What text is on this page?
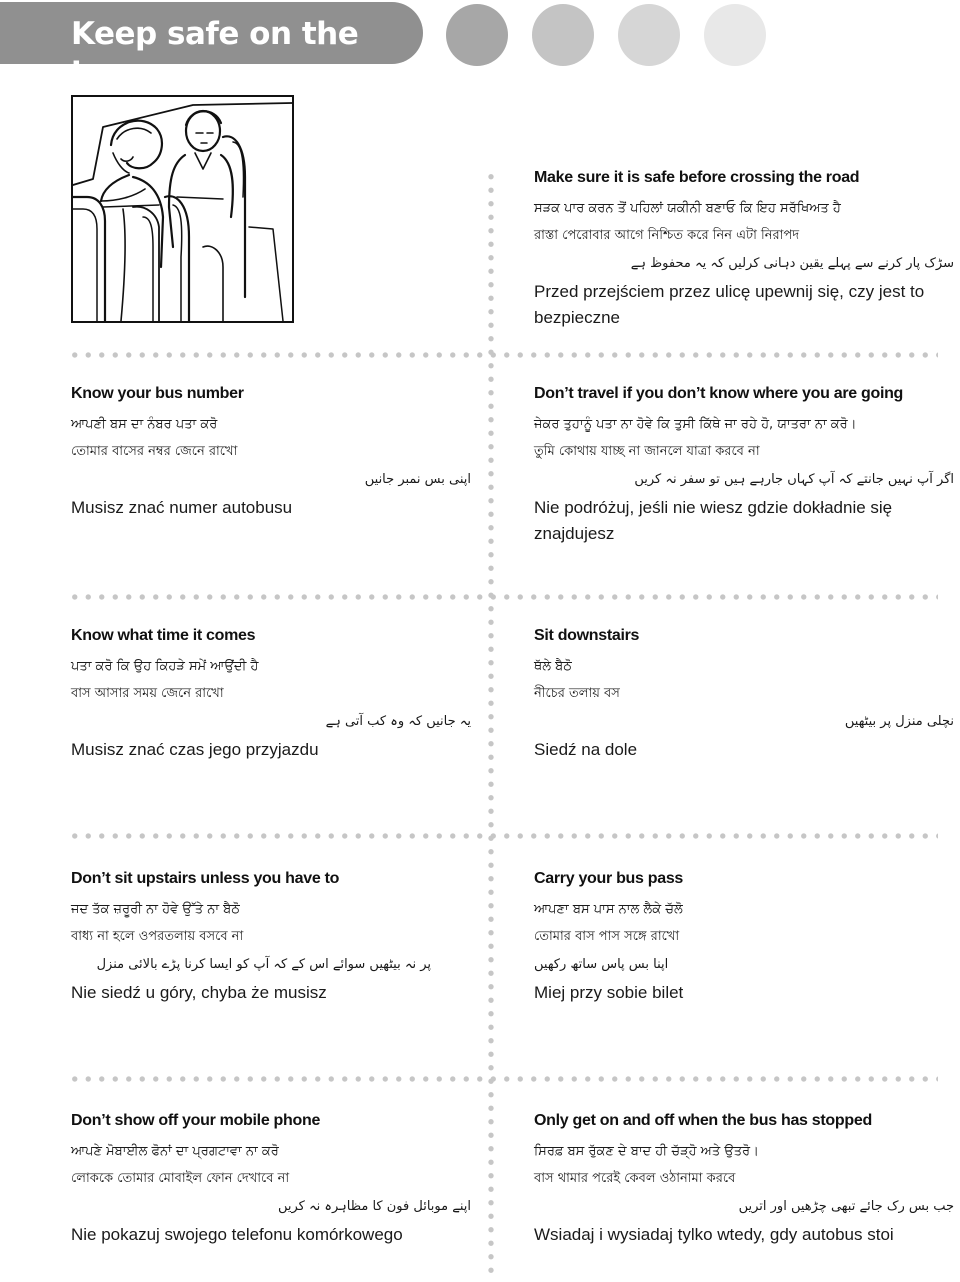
Keep safe on the bus
Make sure it is safe before crossing the road

ਸੜਕ ਪਾਰ ਕਰਨ ਤੋਂ ਪਹਿਲਾਂ ਯਕੀਨੀ ਬਣਾਓ ਕਿ ਇਹ ਸਰੱਖਿਅਤ ਹੈ

রাস্তা পেরোবার আগে নিশ্চিত করে নিন এটা নিরাপদ

سڑک پار کرنے سے پہلے یقین دہانی کرلیں کہ یہ محفوظ ہے

Przed przejściem przez ulicę upewnij się, czy jest to bezpieczne

Know your bus number

ਆਪਣੀ ਬਸ ਦਾ ਨੰਬਰ ਪਤਾ ਕਰੋ

তোমার বাসের নম্বর জেনে রাখো

اپنی بس نمبر جانیں

Musisz znać numer autobusu

Don’t travel if you don’t know where you are going

ਜੇਕਰ ਤੁਹਾਨੂੰ ਪਤਾ ਨਾ ਹੋਵੇ ਕਿ ਤੁਸੀ ਕਿੱਥੇ ਜਾ ਰਹੇ ਹੋ, ਯਾਤਰਾ ਨਾ ਕਰੋ।

তুমি কোথায় যাচ্ছ না জানলে যাত্রা করবে না

اگر آپ نہیں جانتے کہ آپ کہاں جارہے ہیں تو سفر نہ کریں

Nie podróżuj, jeśli nie wiesz gdzie dokładnie się znajdujesz

Know what time it comes

ਪਤਾ ਕਰੋ ਕਿ ਉਹ ਕਿਹੜੇ ਸਮੇਂ ਆਉਂਦੀ ਹੈ

বাস আসার সময় জেনে রাখো

یہ جانیں کہ وہ کب آتی ہے

Musisz znać czas jego przyjazdu

Sit downstairs

ਥੱਲੇ ਬੈਠੋ

নীচের তলায় বস

نچلی منزل پر بیٹھیں

Siedź na dole

Don’t sit upstairs unless you have to

ਜਦ ਤੱਕ ਜ਼ਰੂਰੀ ਨਾ ਹੋਵੇ ਉੱਤੇ ਨਾ ਬੈਠੋ

বাধ্য না হলে ওপরতলায় বসবে না

پر نہ بیٹھیں سوائے اس کے کہ آپ کو ایسا کرنا پڑے بالائی منزل

Nie siedź u góry, chyba że musisz

Carry your bus pass

ਆਪਣਾ ਬਸ ਪਾਸ ਨਾਲ ਲੈਕੇ ਚੱਲੋ

তোমার বাস পাস সঙ্গে রাখো

اپنا بس پاس ساتھ رکھیں

Miej przy sobie bilet

Don’t show off your mobile phone

ਆਪਣੇ ਮੋਬਾਈਲ ਫੋਨਾਂ ਦਾ ਪ੍ਰਗਟਾਵਾ ਨਾ ਕਰੋ

লোককে তোমার মোবাইল ফোন দেখাবে না

اپنے موبائل فون کا مظاہرہ نہ کریں

Nie pokazuj swojego telefonu komórkowego

Only get on and off when the bus has stopped

ਸਿਰਫ਼ ਬਸ ਰੁੱਕਣ ਦੇ ਬਾਦ ਹੀ ਚੱੜ੍ਹੋ ਅਤੇ ਉਤਰੋ।

বাস থামার পরেই কেবল ওঠানামা করবে

جب بس رک جائے تبھی چڑھیں اور اتریں

Wsiadaj i wysiadaj tylko wtedy, gdy autobus stoi
